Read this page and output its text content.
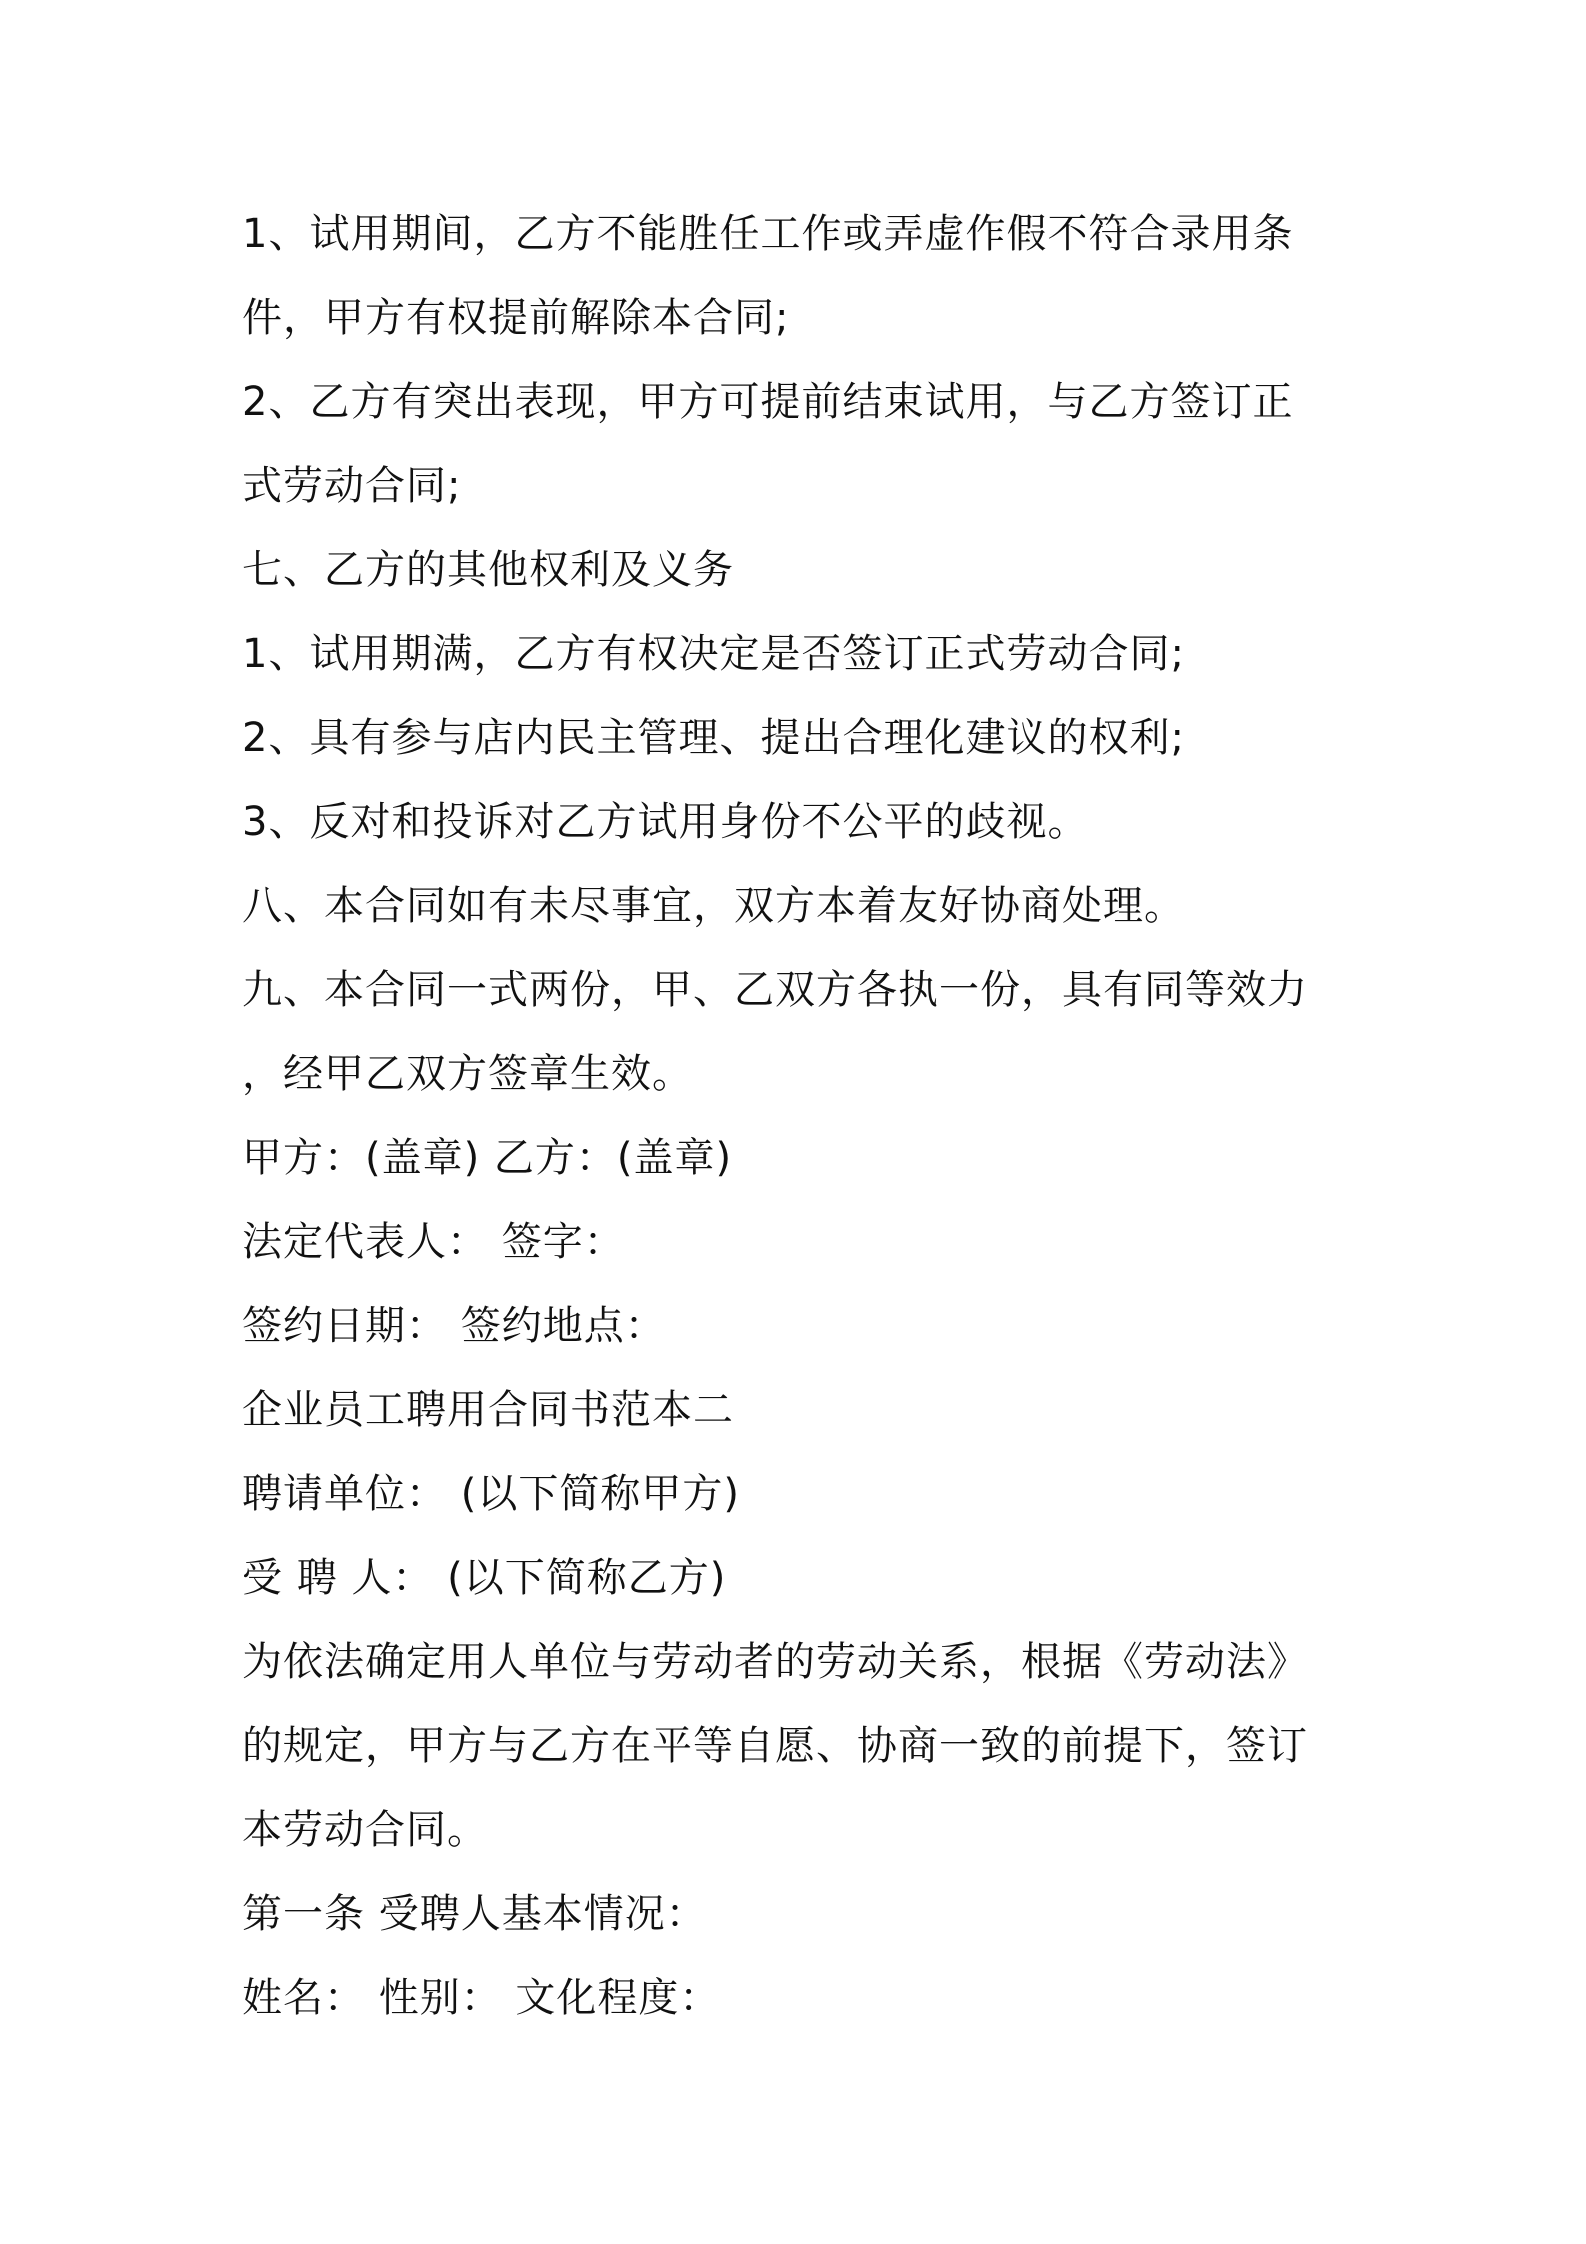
1、试用期间，乙方不能胜任工作或弄虚作假不符合录用条
件，甲方有权提前解除本合同;
2、乙方有突出表现，甲方可提前结束试用，与乙方签订正
式劳动合同;
七、乙方的其他权利及义务
1、试用期满，乙方有权决定是否签订正式劳动合同;
2、具有参与店内民主管理、提出合理化建议的权利;
3、反对和投诉对乙方试用身份不公平的歧视。
八、本合同如有未尽事宜，双方本着友好协商处理。
九、本合同一式两份，甲、乙双方各执一份，具有同等效力
，经甲乙双方签章生效。
甲方：(盖章) 乙方：(盖章)
法定代表人： 签字：
签约日期： 签约地点：
企业员工聘用合同书范本二
聘请单位： (以下简称甲方)
受 聘 人： (以下简称乙方)
为依法确定用人单位与劳动者的劳动关系，根据《劳动法》
的规定，甲方与乙方在平等自愿、协商一致的前提下，签订
本劳动合同。
第一条 受聘人基本情况：
姓名： 性别： 文化程度：
